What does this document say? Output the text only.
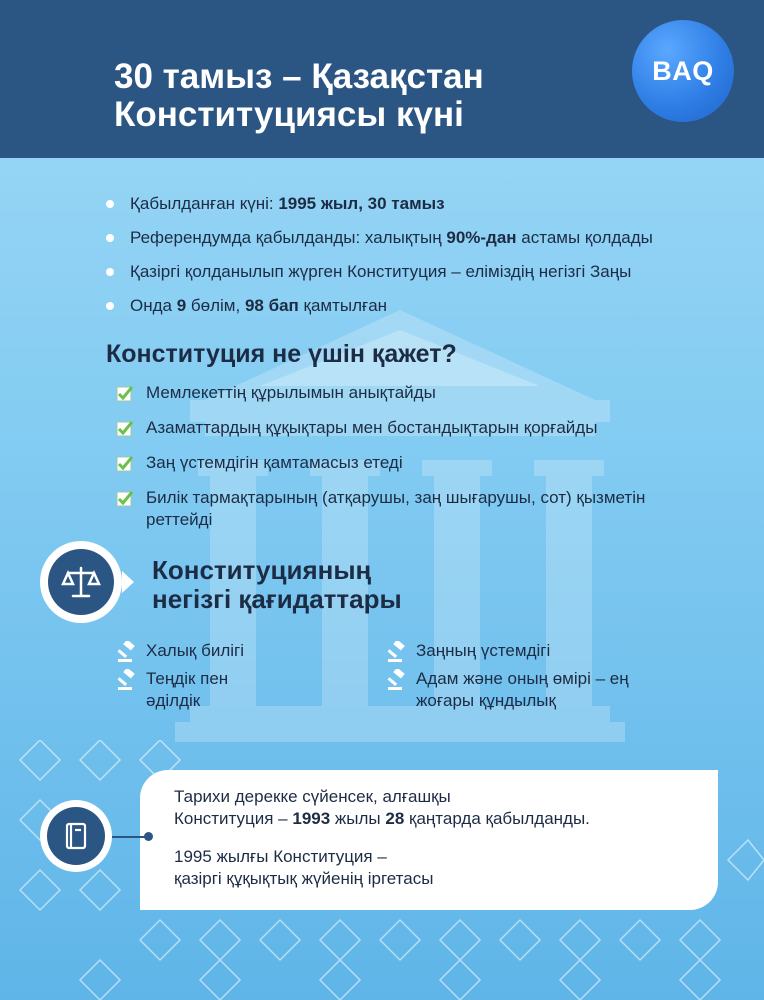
30 тамыз – Қазақстан
Конституциясы күні
BAQ
Қабылданған күні: 1995 жыл, 30 тамыз
Референдумда қабылданды: халықтың 90%-дан астамы қолдады
Қазіргі қолданылып жүрген Конституция – еліміздің негізгі Заңы
Онда 9 бөлім, 98 бап қамтылған
Конституция не үшін қажет?
Мемлекеттің құрылымын анықтайды
Азаматтардың құқықтары мен бостандықтарын қорғайды
Заң үстемдігін қамтамасыз етеді
Билік тармақтарының (атқарушы, заң шығарушы, сот) қызметін реттейді
Конституцияның
негізгі қағидаттары
Халық билігі	Заңның үстемдігі
Теңдік пен әділдік
Адам және оның өмірі – ең жоғары құндылық

Тарихи дерекке сүйенсек, алғашқы
Конституция – 1993 жылы 28 қаңтарда қабылданды.

1995 жылғы Конституция –
қазіргі құқықтық жүйенің іргетасы
